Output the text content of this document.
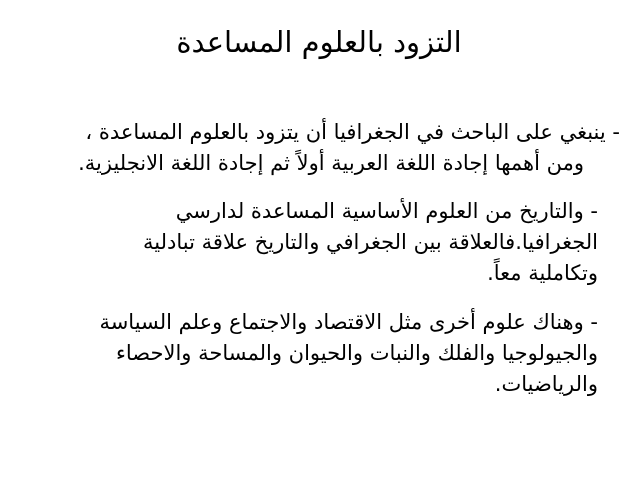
التزود بالعلوم المساعدة
- ينبغي على الباحث في الجغرافيا أن يتزود بالعلوم المساعدة ،
ومن أهمها إجادة اللغة العربية أولاً ثم إجادة اللغة الانجليزية.
- والتاريخ من العلوم الأساسية المساعدة لدارسي
الجغرافيا.فالعلاقة بين الجغرافي والتاريخ علاقة تبادلية
وتكاملية معاً.
- وهناك علوم أخرى مثل الاقتصاد والاجتماع وعلم السياسة
والجيولوجيا والفلك والنبات والحيوان والمساحة والاحصاء
والرياضيات.
